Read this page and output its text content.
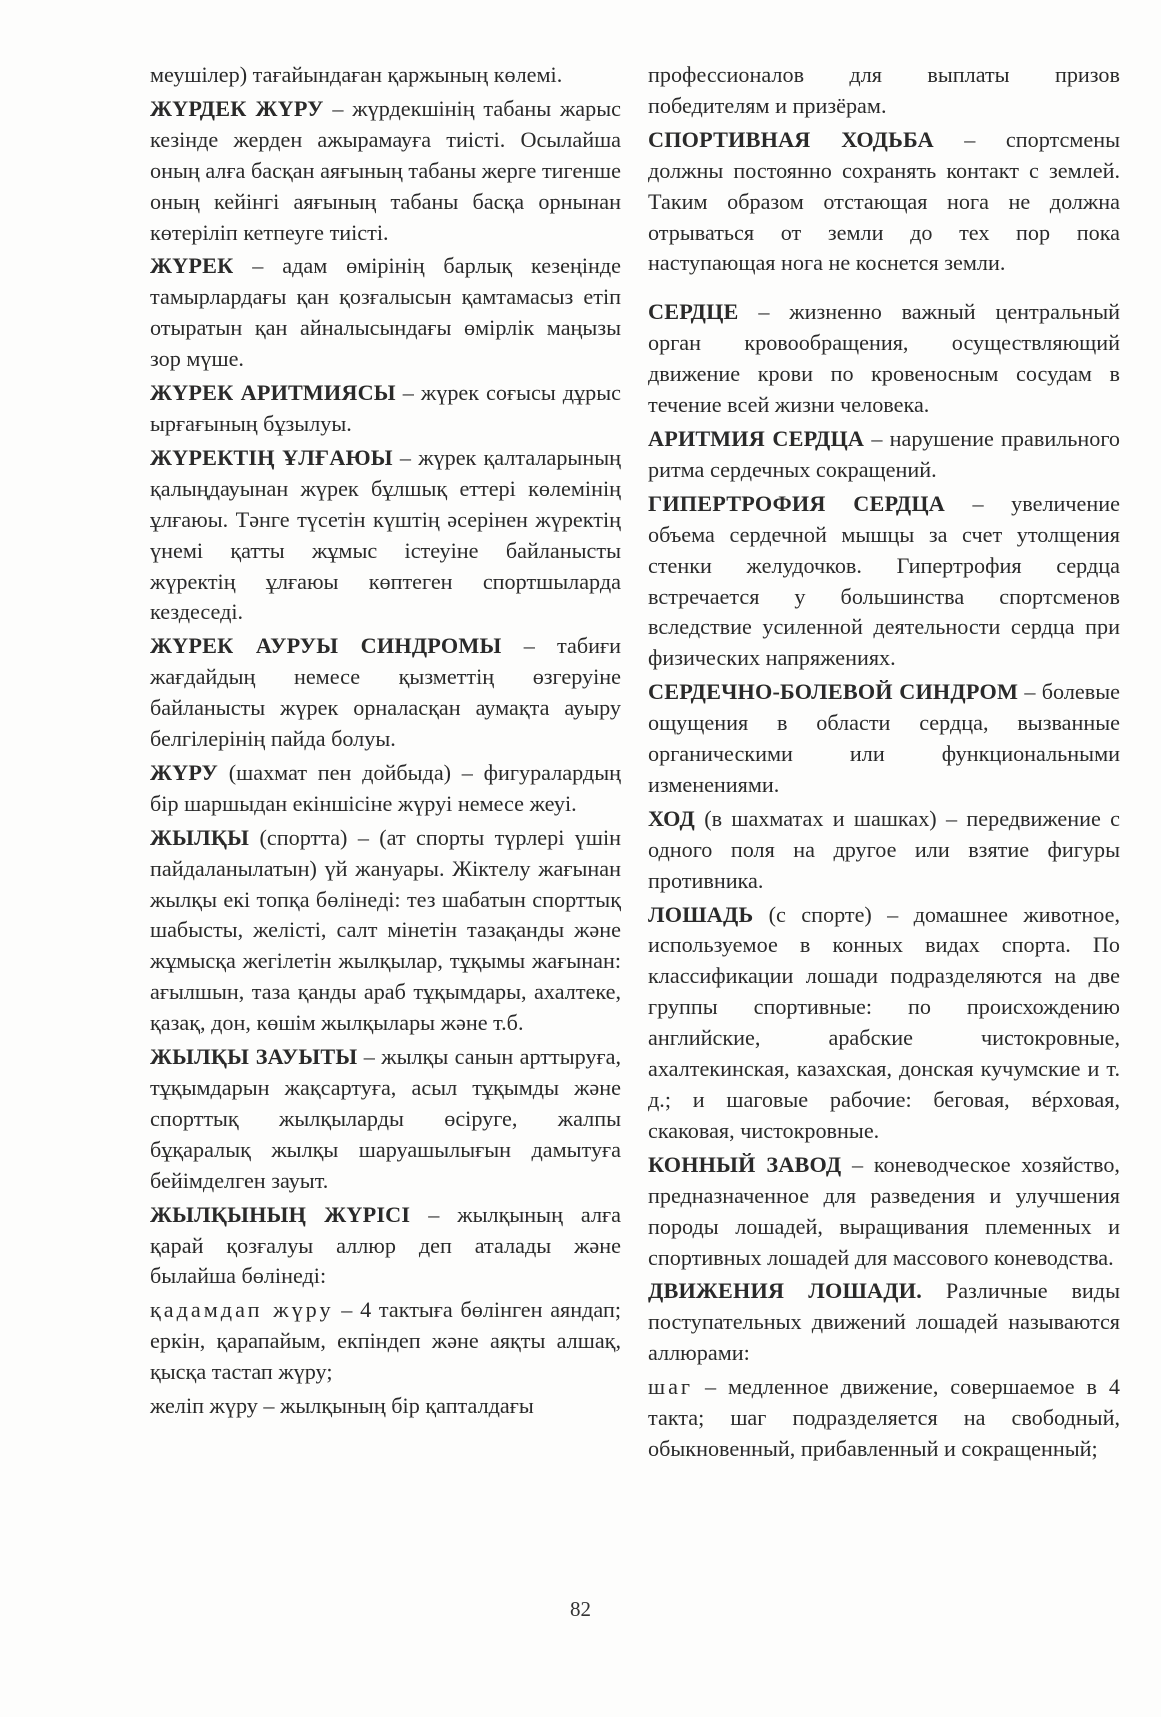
меушілер) тағайындаған қаржының көлемі.

ЖҮРДЕК ЖҮРУ – жүрдекшінің табаны жарыс кезінде жерден ажырамауға тиісті. Осылайша оның алға басқан аяғының табаны жерге тигенше оның кейінгі аяғының табаны басқа орнынан көтеріліп кетпеуге тиісті.

ЖҮРЕК – адам өмірінің барлық кезеңінде тамырлардағы қан қозғалысын қамтамасыз етіп отыратын қан айналысындағы өмірлік маңызы зор мүше.

ЖҮРЕК АРИТМИЯСЫ – жүрек соғысы дұрыс ырғағының бұзылуы.

ЖҮРЕКТІҢ ҰЛҒАЮЫ – жүрек қалталарының қалыңдауынан жүрек бұлшық еттері көлемінің ұлғаюы. Тәнге түсетін күштің әсерінен жүректің үнемі қатты жұмыс істеуіне байланысты жүректің ұлғаюы көптеген спортшыларда кездеседі.

ЖҮРЕК АУРУЫ СИНДРОМЫ – табиғи жағдайдың немесе қызметтің өзгеруіне байланысты жүрек орналасқан аумақта ауыру белгілерінің пайда болуы.

ЖҮРУ (шахмат пен дойбыда) – фигуралардың бір шаршыдан екіншісіне жүруі немесе жеуі.

ЖЫЛҚЫ (спортта) – (ат спорты түрлері үшін пайдаланылатын) үй жануары. Жіктелу жағынан жылқы екі топқа бөлінеді: тез шабатын спорттық шабысты, желісті, салт мінетін тазақанды және жұмысқа жегілетін жылқылар, тұқымы жағынан: ағылшын, таза қанды араб тұқымдары, ахалтеке, қазақ, дон, көшім жылқылары және т.б.

ЖЫЛҚЫ ЗАУЫТЫ – жылқы санын арттыруға, тұқымдарын жақсартуға, асыл тұқымды және спорттық жылқыларды өсіруге, жалпы бұқаралық жылқы шаруашылығын дамытуға бейімделген зауыт.

ЖЫЛҚЫНЫҢ ЖҮРІСІ – жылқының алға қарай қозғалуы аллюр деп аталады және былайша бөлінеді:

қадамдап жүру – 4 тактыға бөлінген аяндап; еркін, қарапайым, екпіндеп және аяқты алшақ, қысқа тастап жүру;

желіп жүру – жылқының бір қапталдағы

профессионалов для выплаты призов победителям и призёрам.

СПОРТИВНАЯ ХОДЬБА – спортсмены должны постоянно сохранять контакт с землей. Таким образом отстающая нога не должна отрываться от земли до тех пор пока наступающая нога не коснется земли.

СЕРДЦЕ – жизненно важный центральный орган кровообращения, осуществляющий движение крови по кровеносным сосудам в течение всей жизни человека.

АРИТМИЯ СЕРДЦА – нарушение правильного ритма сердечных сокращений.

ГИПЕРТРОФИЯ СЕРДЦА – увеличение объема сердечной мышцы за счет утолщения стенки желудочков. Гипертрофия сердца встречается у большинства спортсменов вследствие усиленной деятельности сердца при физических напряжениях.

СЕРДЕЧНО-БОЛЕВОЙ СИНДРОМ – болевые ощущения в области сердца, вызванные органическими или функциональными изменениями.

ХОД (в шахматах и шашках) – передвижение с одного поля на другое или взятие фигуры противника.

ЛОШАДЬ (с спорте) – домашнее животное, используемое в конных видах спорта. По классификации лошади подразделяются на две группы спортивные: по происхождению английские, арабские чистокровные, ахалтекинская, казахская, донская кучумские и т. д.; и шаговые рабочие: беговая, вéрховая, скаковая, чистокровные.

КОННЫЙ ЗАВОД – коневодческое хозяйство, предназначенное для разведения и улучшения породы лошадей, выращивания племенных и спортивных лошадей для массового коневодства.

ДВИЖЕНИЯ ЛОШАДИ. Различные виды поступательных движений лошадей называются аллюрами:

шаг – медленное движение, совершаемое в 4 такта; шаг подразделяется на свободный, обыкновенный, прибавленный и сокращенный;

82
